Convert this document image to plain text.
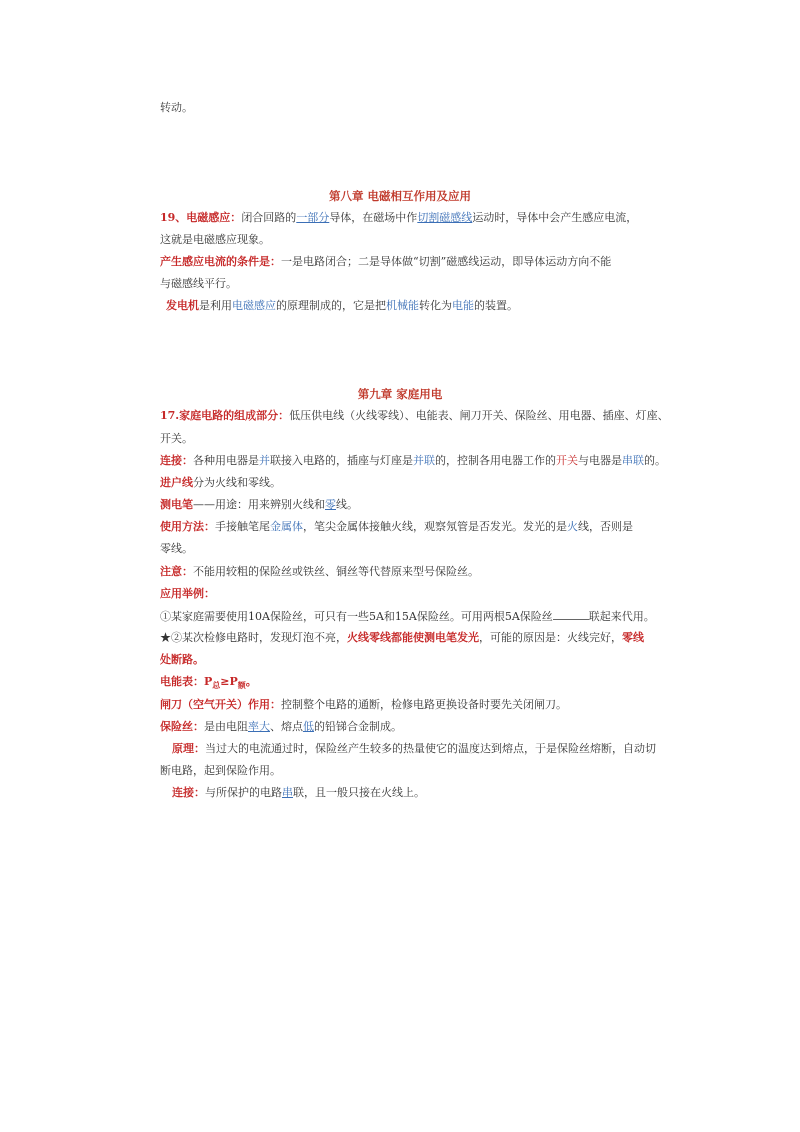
转动。
第八章 电磁相互作用及应用
19、电磁感应：闭合回路的一部分导体，在磁场中作切割磁感线运动时，导体中会产生感应电流，
这就是电磁感应现象。
产生感应电流的条件是：一是电路闭合；二是导体做“切割”磁感线运动，即导体运动方向不能
与磁感线平行。
发电机是利用电磁感应的原理制成的，它是把机械能转化为电能的装置。
第九章 家庭用电
17.家庭电路的组成部分：低压供电线（火线零线）、电能表、闸刀开关、保险丝、用电器、插座、灯座、
开关。
连接：各种用电器是并联接入电路的，插座与灯座是并联的，控制各用电器工作的开关与电器是串联的。
进户线分为火线和零线。
测电笔——用途：用来辨别火线和零线。
使用方法：手接触笔尾金属体，笔尖金属体接触火线，观察氖管是否发光。发光的是火线，否则是
零线。
注意：不能用较粗的保险丝或铁丝、铜丝等代替原来型号保险丝。
应用举例：
①某家庭需要使用10A保险丝，可只有一些5A和15A保险丝。可用两根5A保险丝	联起来代用。
★②某次检修电路时，发现灯泡不亮，火线零线都能使测电笔发光，可能的原因是：火线完好，零线
处断路。
电能表：$P_总\ge P_额$。
闸刀（空气开关）作用：控制整个电路的通断，检修电路更换设备时要先关闭闸刀。
保险丝：是由电阻率大、熔点低的铅锑合金制成。
原理：当过大的电流通过时，保险丝产生较多的热量使它的温度达到熔点，于是保险丝熔断，自动切
断电路，起到保险作用。
连接：与所保护的电路串联，且一般只接在火线上。
